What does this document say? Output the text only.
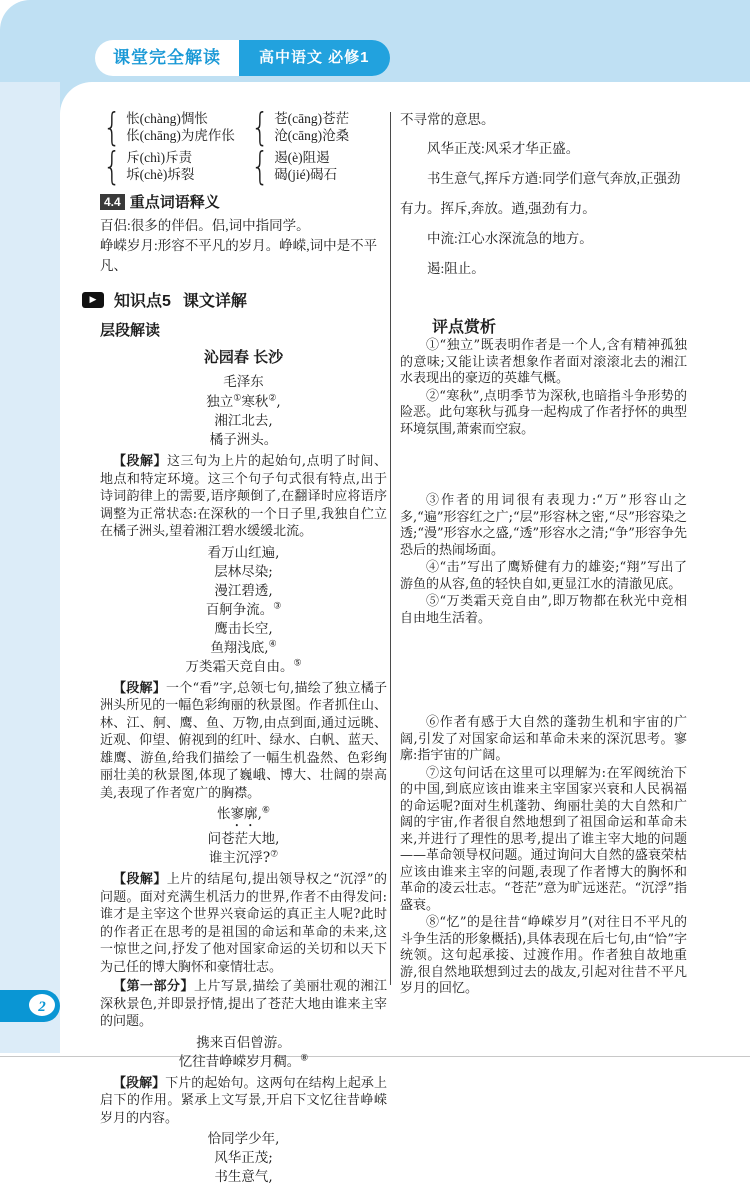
课堂完全解读	高中语文 必修1
{ 怅(chàng)惆怅
伥(chāng)为虎作伥 { 苍(cāng)苍茫
沧(cāng)沧桑
{ 斥(chì)斥责
坼(chè)坼裂 { 遏(è)阻遏
碣(jié)碣石
4.4 重点词语释义

百侣:很多的伴侣。侣,词中指同学。

峥嵘岁月:形容不平凡的岁月。峥嵘,词中是不平凡、

▶	知识点5 课文详解
层段解读
沁园春 长沙
毛泽东
独立①寒秋②,
湘江北去,
橘子洲头。

【段解】这三句为上片的起始句,点明了时间、地点和特定环境。这三个句子句式很有特点,出于诗词韵律上的需要,语序颠倒了,在翻译时应将语序调整为正常状态:在深秋的一个日子里,我独自伫立在橘子洲头,望着湘江碧水缓缓北流。

看万山红遍,
层林尽染;
漫江碧透,
百舸争流。③
鹰击长空,
鱼翔浅底,④
万类霜天竞自由。⑤

【段解】一个“看”字,总领七句,描绘了独立橘子洲头所见的一幅色彩绚丽的秋景图。作者抓住山、林、江、舸、鹰、鱼、万物,由点到面,通过远眺、近观、仰望、俯视到的红叶、绿水、白帆、蓝天、雄鹰、游鱼,给我们描绘了一幅生机盎然、色彩绚丽壮美的秋景图,体现了巍峨、博大、壮阔的崇高美,表现了作者宽广的胸襟。

怅寥廓,⑥
问苍茫大地,
谁主沉浮?⑦

【段解】上片的结尾句,提出领导权之“沉浮”的问题。面对充满生机活力的世界,作者不由得发问:谁才是主宰这个世界兴衰命运的真正主人呢?此时的作者正在思考的是祖国的命运和革命的未来,这一惊世之问,抒发了他对国家命运的关切和以天下为己任的博大胸怀和豪情壮志。

【第一部分】上片写景,描绘了美丽壮观的湘江深秋景色,并即景抒情,提出了苍茫大地由谁来主宰的问题。

携来百侣曾游。
忆往昔峥嵘岁月稠。⑧

【段解】下片的起始句。这两句在结构上起承上启下的作用。紧承上文写景,开启下文忆往昔峥嵘岁月的内容。

恰同学少年,
风华正茂;
书生意气,

不寻常的意思。

风华正茂:风采才华正盛。

书生意气,挥斥方遒:同学们意气奔放,正强劲有力。挥斥,奔放。遒,强劲有力。

中流:江心水深流急的地方。

遏:阻止。

评点赏析

①“独立”既表明作者是一个人,含有精神孤独的意味;又能让读者想象作者面对滚滚北去的湘江水表现出的豪迈的英雄气概。

②“寒秋”,点明季节为深秋,也暗指斗争形势的险恶。此句寒秋与孤身一起构成了作者抒怀的典型环境氛围,萧索而空寂。

③作者的用词很有表现力:“万”形容山之多,“遍”形容红之广;“层”形容林之密,“尽”形容染之透;“漫”形容水之盛,“透”形容水之清;“争”形容争先恐后的热闹场面。

④“击”写出了鹰矫健有力的雄姿;“翔”写出了游鱼的从容,鱼的轻快自如,更显江水的清澈见底。

⑤“万类霜天竞自由”,即万物都在秋光中竞相自由地生活着。

⑥作者有感于大自然的蓬勃生机和宇宙的广阔,引发了对国家命运和革命未来的深沉思考。寥廓:指宇宙的广阔。

⑦这句问话在这里可以理解为:在军阀统治下的中国,到底应该由谁来主宰国家兴衰和人民祸福的命运呢?面对生机蓬勃、绚丽壮美的大自然和广阔的宇宙,作者很自然地想到了祖国命运和革命未来,并进行了理性的思考,提出了谁主宰大地的问题——革命领导权问题。通过询问大自然的盛衰荣枯应该由谁来主宰的问题,表现了作者博大的胸怀和革命的凌云壮志。“苍茫”意为旷远迷茫。“沉浮”指盛衰。

⑧“忆”的是往昔“峥嵘岁月”(对往日不平凡的斗争生活的形象概括),具体表现在后七句,由“恰”字统领。这句起承接、过渡作用。作者独自故地重游,很自然地联想到过去的战友,引起对往昔不平凡岁月的回忆。

2
